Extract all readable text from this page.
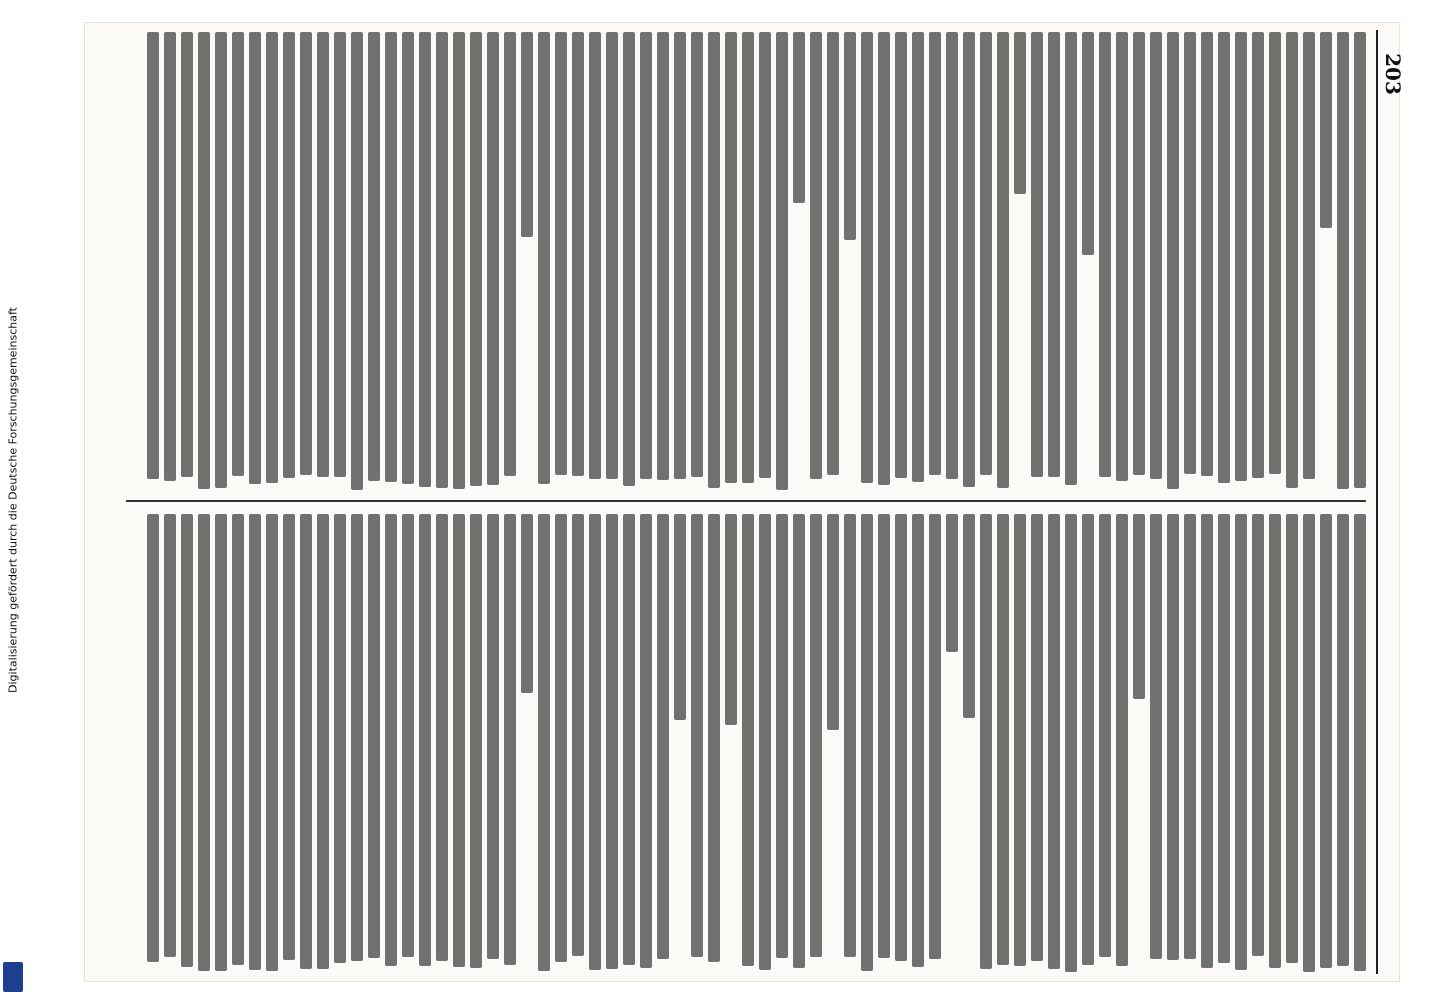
Digitalisierung gefördert durch die Deutsche Forschungsgemeinschaft
203
